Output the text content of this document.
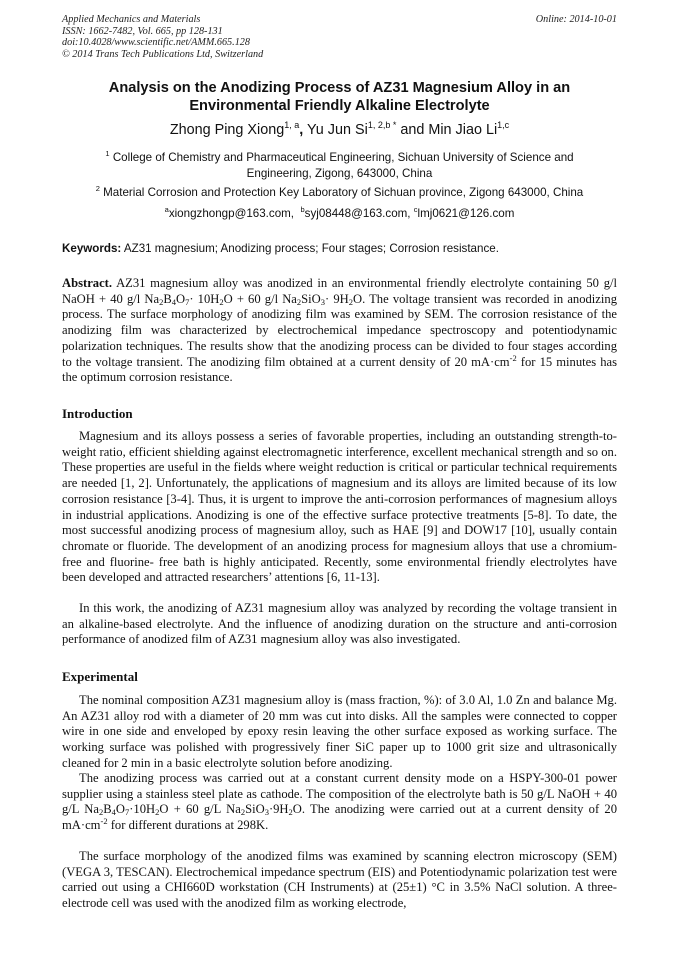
Applied Mechanics and Materials
ISSN: 1662-7482, Vol. 665, pp 128-131
doi:10.4028/www.scientific.net/AMM.665.128
© 2014 Trans Tech Publications Ltd, Switzerland
Online: 2014-10-01
Analysis on the Anodizing Process of AZ31 Magnesium Alloy in an
Environmental Friendly Alkaline Electrolyte
Zhong Ping Xiong$^{1, a}$, Yu Jun $Si^{1, 2,b *}$ and Min Jiao Li$^{1,c}$
$^1$ College of Chemistry and Pharmaceutical Engineering, Sichuan University of Science and
Engineering, Zigong, 643000, China
$^2$ Material Corrosion and Protection Key Laboratory of Sichuan province, Zigong 643000, China
$^a$xiongzhongp@163.com, $^b$syj08448@163.com, $^c$lmj0621@126.com
Keywords: AZ31 magnesium; Anodizing process; Four stages; Corrosion resistance.

Abstract. AZ31 magnesium alloy was anodized in an environmental friendly electrolyte containing 50 g/l NaOH + 40 g/l $Na_2B_4O_7\cdot 10H_2O + 60$ g/l $Na_2SiO_3\cdot 9H_2O$. The voltage transient was recorded in anodizing process. The surface morphology of anodizing film was examined by SEM. The corrosion resistance of the anodizing film was characterized by electrochemical impedance spectroscopy and potentiodynamic polarization techniques. The results show that the anodizing process can be divided to four stages according to the voltage transient. The anodizing film obtained at a current density of 20 $mA\cdot cm^{-2}$ for 15 minutes has the optimum corrosion resistance.

Introduction

Magnesium and its alloys possess a series of favorable properties, including an outstanding strength-to-weight ratio, efficient shielding against electromagnetic interference, excellent mechanical strength and so on. These properties are useful in the fields where weight reduction is critical or particular technical requirements are needed [1, 2]. Unfortunately, the applications of magnesium and its alloys are limited because of its low corrosion resistance [3-4]. Thus, it is urgent to improve the anti-corrosion performances of magnesium alloys in industrial applications. Anodizing is one of the effective surface protective treatments [5-8]. To date, the most successful anodizing process of magnesium alloy, such as HAE [9] and DOW17 [10], usually contain chromate or fluoride. The development of an anodizing process for magnesium alloys that use a chromium-free and fluorine- free bath is highly anticipated. Recently, some environmental friendly electrolytes have been developed and attracted researchers’ attentions [6, 11-13].

In this work, the anodizing of AZ31 magnesium alloy was analyzed by recording the voltage transient in an alkaline-based electrolyte. And the influence of anodizing duration on the structure and anti-corrosion performance of anodized film of AZ31 magnesium alloy was also investigated.

Experimental

The nominal composition AZ31 magnesium alloy is (mass fraction, %): of 3.0 Al, 1.0 Zn and balance Mg. An AZ31 alloy rod with a diameter of 20 mm was cut into disks. All the samples were connected to copper wire in one side and enveloped by epoxy resin leaving the other surface exposed as working surface. The working surface was polished with progressively finer SiC paper up to 1000 grit size and ultrasonically cleaned for 2 min in a basic electrolyte solution before anodizing.

The anodizing process was carried out at a constant current density mode on a HSPY-300-01 power supplier using a stainless steel plate as cathode. The composition of the electrolyte bath is 50 g/L NaOH + 40 g/L $Na_2B_4O_7\cdot 10H_2O + 60$ g/L $Na_2SiO_3\cdot 9H_2O$. The anodizing were carried out at a current density of 20 $mA\cdot cm^{-2}$ for different durations at 298K.

The surface morphology of the anodized films was examined by scanning electron microscopy (SEM) (VEGA 3, TESCAN). Electrochemical impedance spectrum (EIS) and Potentiodynamic polarization test were carried out using a CHI660D workstation (CH Instruments) at (25±1) °C in 3.5% NaCl solution. A three-electrode cell was used with the anodized film as working electrode,
